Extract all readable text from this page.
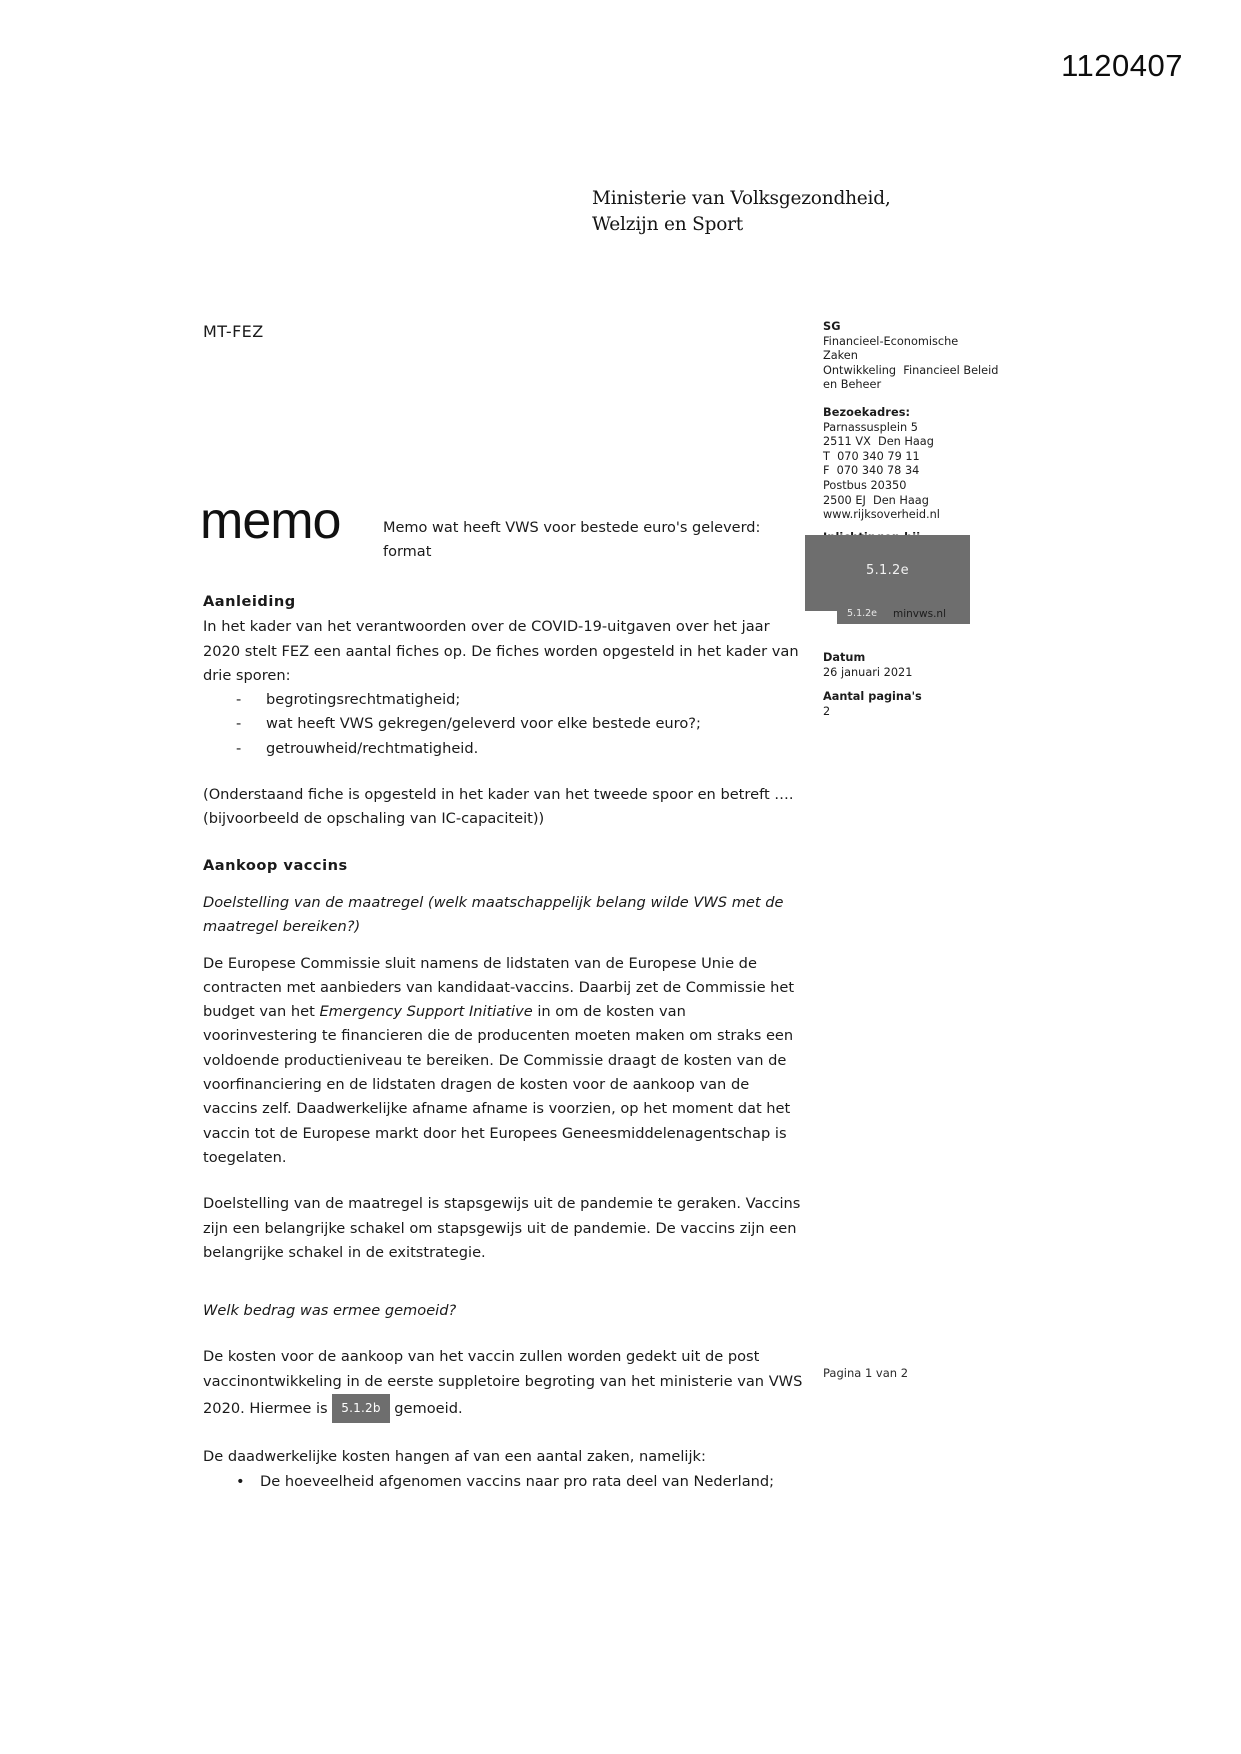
1120407
Ministerie van Volksgezondheid,
Welzijn en Sport
MT-FEZ	SG
Financieel-Economische
Zaken
Ontwikkeling  Financieel Beleid
en Beheer
Bezoekadres:
Parnassusplein 5
2511 VX  Den Haag
T  070 340 79 11
F  070 340 78 34
Postbus 20350
2500 EJ  Den Haag
www.rijksoverheid.nl
5.1.2e
5.1.2e minvws.nl
Datum
26 januari 2021
Aantal pagina's
2
memo	Memo wat heeft VWS voor bestede euro's geleverd: format
Aanleiding

In het kader van het verantwoorden over de COVID-19-uitgaven over het jaar 2020 stelt FEZ een aantal fiches op. De fiches worden opgesteld in het kader van drie sporen:

- begrotingsrechtmatigheid;
- wat heeft VWS gekregen/geleverd voor elke bestede euro?;
- getrouwheid/rechtmatigheid.

(Onderstaand fiche is opgesteld in het kader van het tweede spoor en betreft ….(bijvoorbeeld de opschaling van IC-capaciteit))

Aankoop vaccins

Doelstelling van de maatregel (welk maatschappelijk belang wilde VWS met de maatregel bereiken?)

De Europese Commissie sluit namens de lidstaten van de Europese Unie de contracten met aanbieders van kandidaat-vaccins. Daarbij zet de Commissie het budget van het Emergency Support Initiative in om de kosten van voorinvestering te financieren die de producenten moeten maken om straks een voldoende productieniveau te bereiken. De Commissie draagt de kosten van de voorfinanciering en de lidstaten dragen de kosten voor de aankoop van de vaccins zelf. Daadwerkelijke afname afname is voorzien, op het moment dat het vaccin tot de Europese markt door het Europees Geneesmiddelenagentschap is toegelaten.

Doelstelling van de maatregel is stapsgewijs uit de pandemie te geraken. Vaccins zijn een belangrijke schakel om stapsgewijs uit de pandemie. De vaccins zijn een belangrijke schakel in de exitstrategie.

Welk bedrag was ermee gemoeid?

De kosten voor de aankoop van het vaccin zullen worden gedekt uit de post vaccinontwikkeling in de eerste suppletoire begroting van het ministerie van VWS 2020. Hiermee is 5.1.2b gemoeid.

De daadwerkelijke kosten hangen af van een aantal zaken, namelijk:

• De hoeveelheid afgenomen vaccins naar pro rata deel van Nederland;
Pagina 1 van 2
